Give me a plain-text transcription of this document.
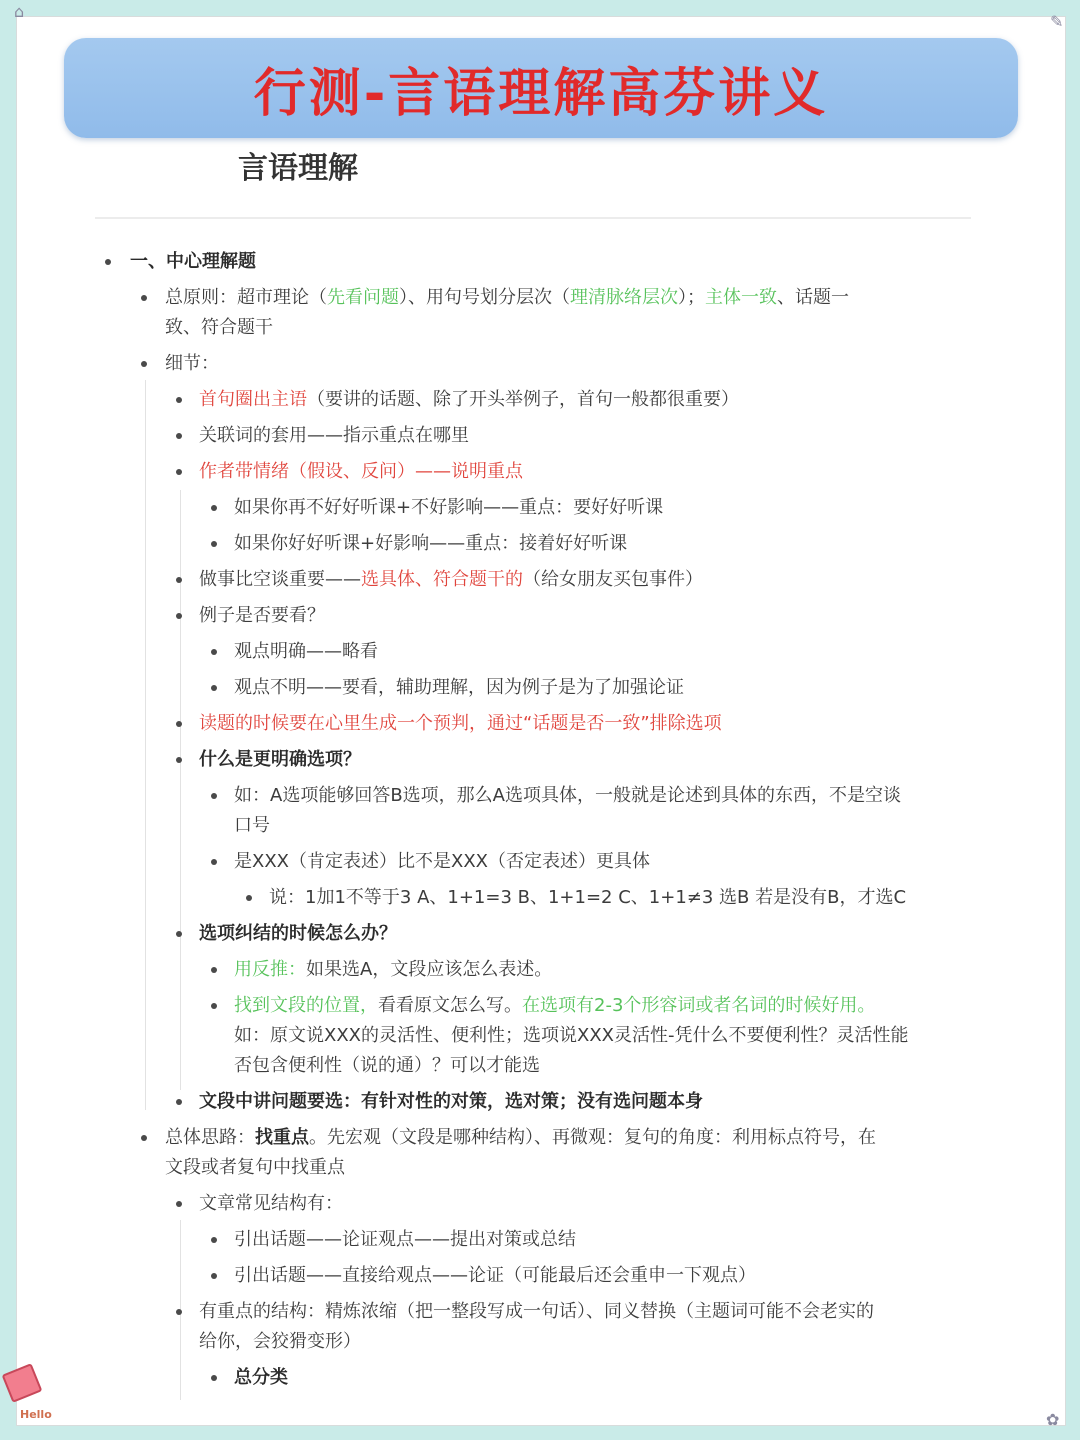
⌂
✎
✿
行测-言语理解高芬讲义
言语理解
一、中心理解题
总原则：超市理论（先看问题）、用句号划分层次（理清脉络层次）；主体一致、话题一
致、符合题干
细节：
首句圈出主语（要讲的话题、除了开头举例子，首句一般都很重要）
关联词的套用——指示重点在哪里
作者带情绪（假设、反问）——说明重点
如果你再不好好听课+不好影响——重点：要好好听课
如果你好好听课+好影响——重点：接着好好听课
做事比空谈重要——选具体、符合题干的（给女朋友买包事件）
例子是否要看？
观点明确——略看
观点不明——要看，辅助理解，因为例子是为了加强论证
读题的时候要在心里生成一个预判，通过“话题是否一致”排除选项
什么是更明确选项？
如：A选项能够回答B选项，那么A选项具体，一般就是论述到具体的东西，不是空谈
口号
是XXX（肯定表述）比不是XXX（否定表述）更具体
说：1加1不等于3 A、1+1=3 B、1+1=2 C、1+1≠3 选B 若是没有B，才选C
选项纠结的时候怎么办？
用反推：如果选A，文段应该怎么表述。
找到文段的位置，看看原文怎么写。在选项有2-3个形容词或者名词的时候好用。
如：原文说XXX的灵活性、便利性；选项说XXX灵活性-凭什么不要便利性？灵活性能
否包含便利性（说的通）？可以才能选
文段中讲问题要选：有针对性的对策，选对策；没有选问题本身
总体思路：找重点。先宏观（文段是哪种结构）、再微观：复句的角度：利用标点符号，在
文段或者复句中找重点
文章常见结构有：
引出话题——论证观点——提出对策或总结
引出话题——直接给观点——论证（可能最后还会重申一下观点）
有重点的结构：精炼浓缩（把一整段写成一句话）、同义替换（主题词可能不会老实的
给你，会狡猾变形）
总分类
Hello
